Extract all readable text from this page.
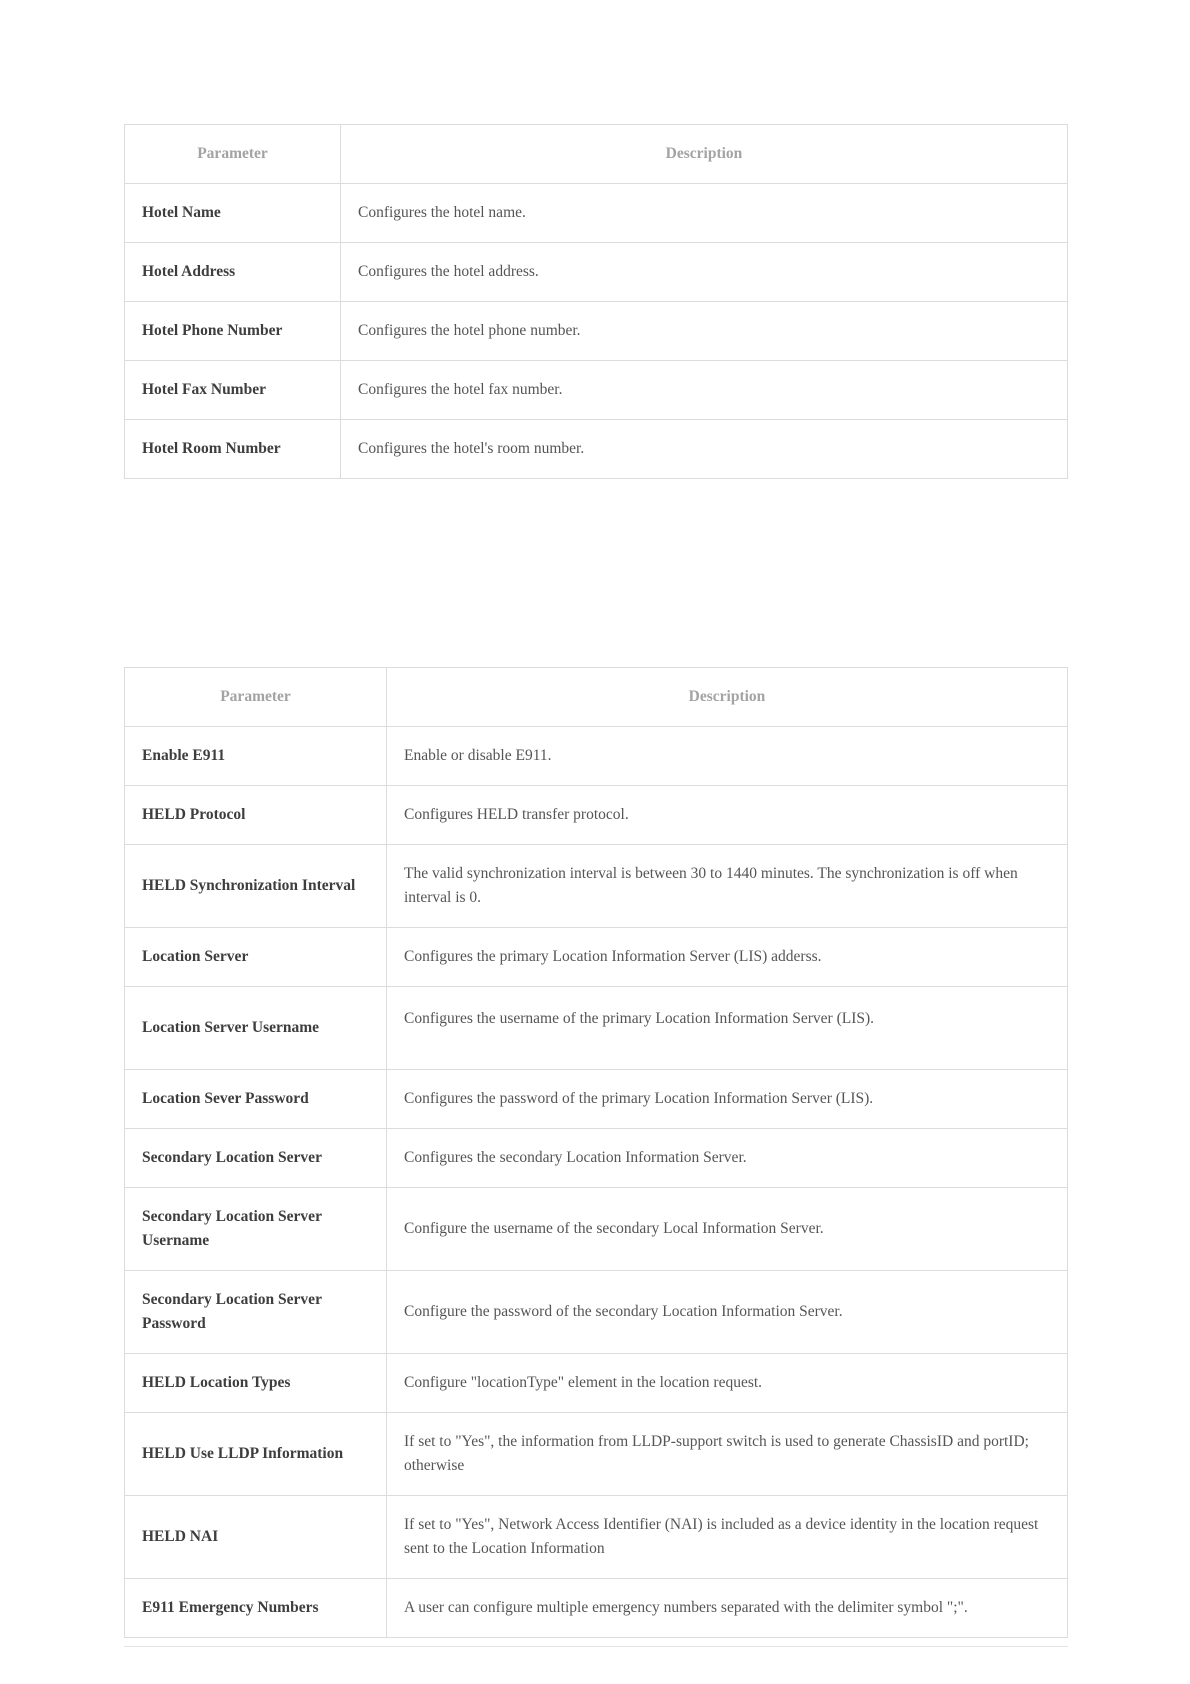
Parameter	Description
Hotel Name	Configures the hotel name.
Hotel Address	Configures the hotel address.
Hotel Phone Number	Configures the hotel phone number.
Hotel Fax Number	Configures the hotel fax number.
Hotel Room Number	Configures the hotel's room number.
Parameter	Description
Enable E911	Enable or disable E911.
HELD Protocol	Configures HELD transfer protocol.
HELD Synchronization Interval	The valid synchronization interval is between 30 to 1440 minutes. The synchronization is off when interval is 0.
Location Server	Configures the primary Location Information Server (LIS) adderss.
Location Server Username	Configures the username of the primary Location Information Server (LIS).
Location Sever Password	Configures the password of the primary Location Information Server (LIS).
Secondary Location Server	Configures the secondary Location Information Server.
Secondary Location Server Username	Configure the username of the secondary Local Information Server.
Secondary Location Server Password	Configure the password of the secondary Location Information Server.
HELD Location Types	Configure "locationType" element in the location request.
HELD Use LLDP Information	If set to "Yes", the information from LLDP-support switch is used to generate ChassisID and portID; otherwise
HELD NAI	If set to "Yes", Network Access Identifier (NAI) is included as a device identity in the location request sent to the Location Information
E911 Emergency Numbers	A user can configure multiple emergency numbers separated with the delimiter symbol ";".
